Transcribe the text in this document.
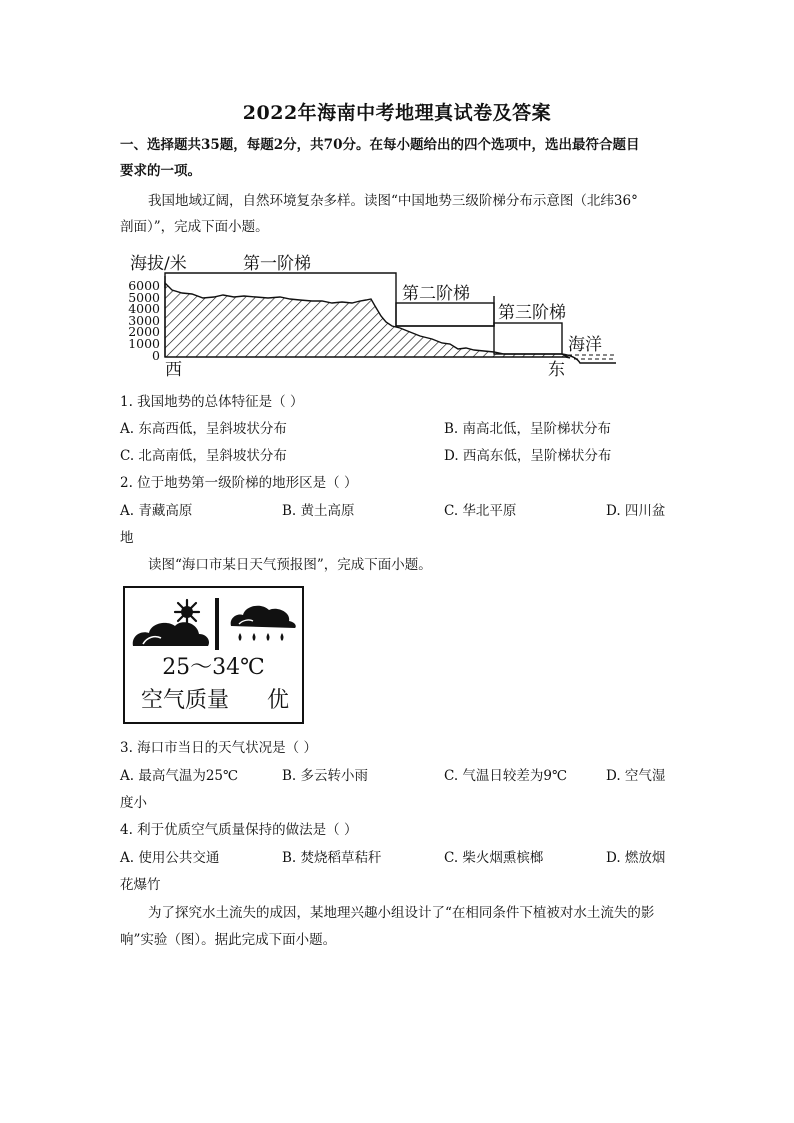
2022年海南中考地理真试卷及答案
一、选择题共35题，每题2分，共70分。在每小题给出的四个选项中，选出最符合题目
要求的一项。
我国地域辽阔，自然环境复杂多样。读图“中国地势三级阶梯分布示意图（北纬36°
剖面）”，完成下面小题。
海拔/米	第一阶梯
第二阶梯
第三阶梯
海洋
6000
5000
4000
3000
2000
1000
0
西	东
1. 我国地势的总体特征是（ ）
A. 东高西低，呈斜坡状分布	B. 南高北低，呈阶梯状分布
C. 北高南低，呈斜坡状分布	D. 西高东低，呈阶梯状分布
2. 位于地势第一级阶梯的地形区是（ ）
A. 青藏高原	B. 黄土高原	C. 华北平原	D. 四川盆
地
读图“海口市某日天气预报图”，完成下面小题。
25～34℃
空气质量 优
3. 海口市当日的天气状况是（ ）
A. 最高气温为25℃	B. 多云转小雨	C. 气温日较差为9℃	D. 空气湿
度小
4. 利于优质空气质量保持的做法是（ ）
A. 使用公共交通	B. 焚烧稻草秸秆	C. 柴火烟熏槟榔	D. 燃放烟
花爆竹
为了探究水土流失的成因，某地理兴趣小组设计了“在相同条件下植被对水土流失的影
响”实验（图）。据此完成下面小题。
